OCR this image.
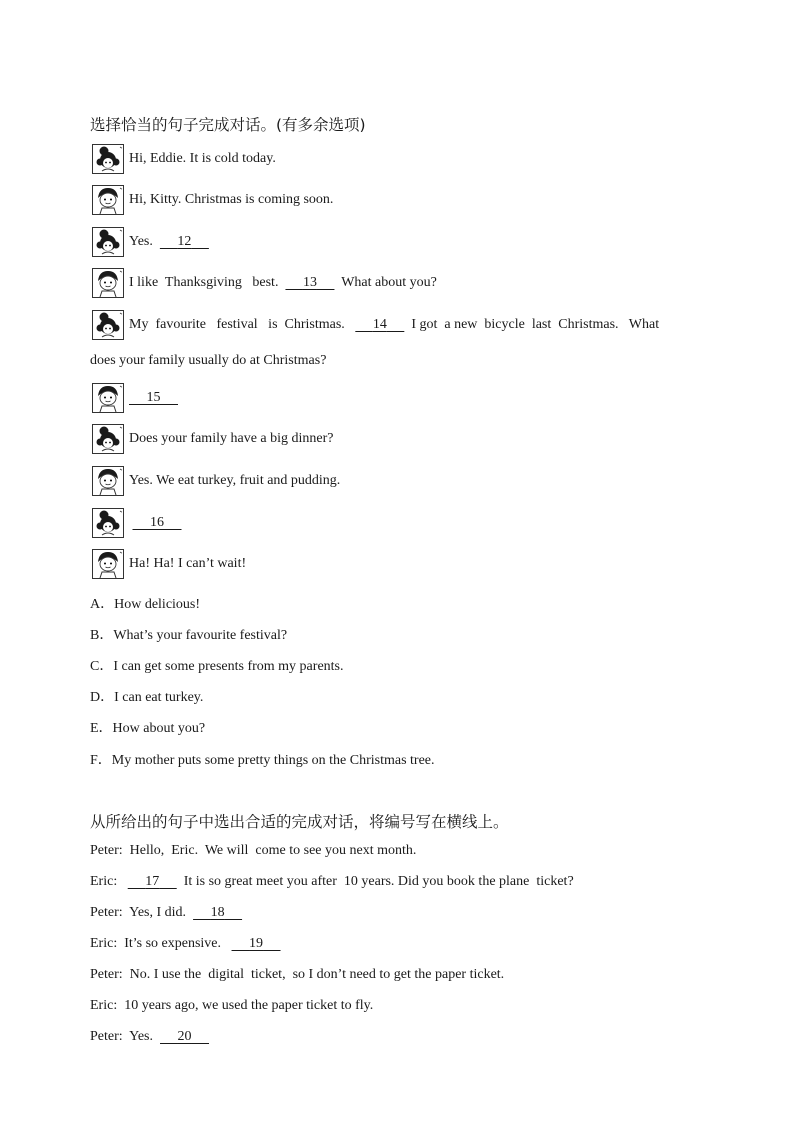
选择恰当的句子完成对话。(有多余选项)
Hi, Eddie. It is cold today.
Hi, Kitty. Christmas is coming soon.
Yes.       12
I like  Thanksgiving   best.       13       What about you?
My  favourite   festival   is  Christmas.        14       I got  a new  bicycle  last  Christmas.   What
does your family usually do at Christmas?
15
Does your family have a big dinner?
Yes. We eat turkey, fruit and pudding.
16
Ha! Ha! I can’t wait!
A．How delicious!
B．What’s your favourite festival?
C．I can get some presents from my parents.
D．I can eat turkey.
E．How about you?
F．My mother puts some pretty things on the Christmas tree.
从所给出的句子中选出合适的完成对话，将编号写在横线上。
Peter:  Hello,  Eric.  We will  come to see you next month.
Eric:        17       It is so great meet you after  10 years. Did you book the plane  ticket?
Peter:  Yes, I did.       18
Eric:  It’s so expensive.        19
Peter:  No. I use the  digital  ticket,  so I don’t need to get the paper ticket.
Eric:  10 years ago, we used the paper ticket to fly.
Peter:  Yes.       20
